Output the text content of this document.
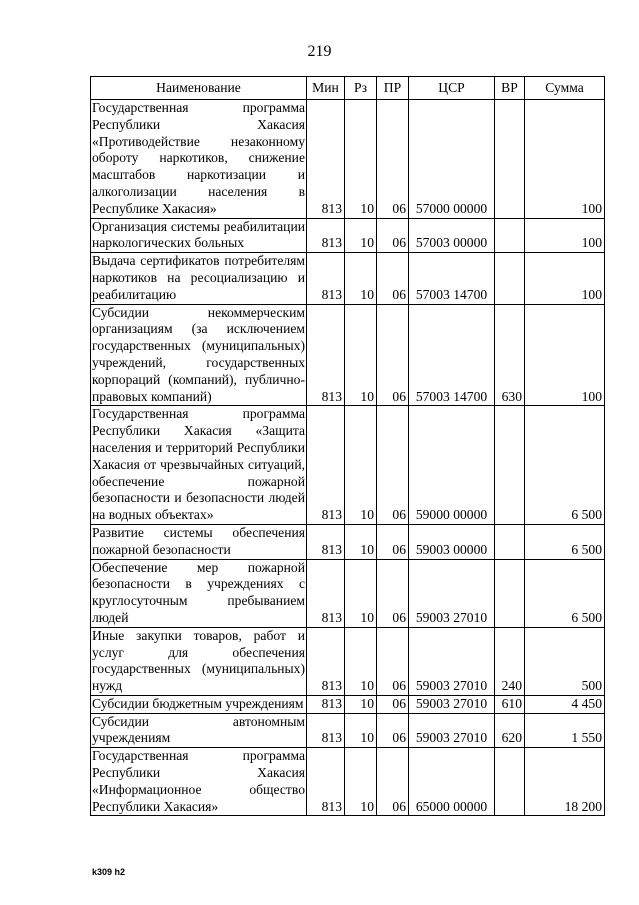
219
Наименование	Мин	Рз	ПР	ЦСР	ВР	Сумма
Государственная программа Республики Хакасия «Противодействие незаконному обороту наркотиков, снижение масштабов наркотизации и алкоголизации населения в Республике Хакасия»	813	10	06	57000 00000		100
Организация системы реабилитации наркологических больных	813	10	06	57003 00000		100
Выдача сертификатов потребителям наркотиков на ресоциализацию и реабилитацию	813	10	06	57003 14700		100
Субсидии некоммерческим организациям (за исключением государственных (муниципальных) учреждений, государственных корпораций (компаний), публично-правовых компаний)	813	10	06	57003 14700	630	100
Государственная программа Республики Хакасия «Защита населения и территорий Республики Хакасия от чрезвычайных ситуаций, обеспечение пожарной безопасности и безопасности людей на водных объектах»	813	10	06	59000 00000		6 500
Развитие системы обеспечения пожарной безопасности	813	10	06	59003 00000		6 500
Обеспечение мер пожарной безопасности в учреждениях с круглосуточным пребыванием людей	813	10	06	59003 27010		6 500
Иные закупки товаров, работ и услуг для обеспечения государственных (муниципальных) нужд	813	10	06	59003 27010	240	500
Субсидии бюджетным учреждениям	813	10	06	59003 27010	610	4 450
Субсидии автономным учреждениям	813	10	06	59003 27010	620	1 550
Государственная программа Республики Хакасия «Информационное общество Республики Хакасия»	813	10	06	65000 00000		18 200
k309 h2
